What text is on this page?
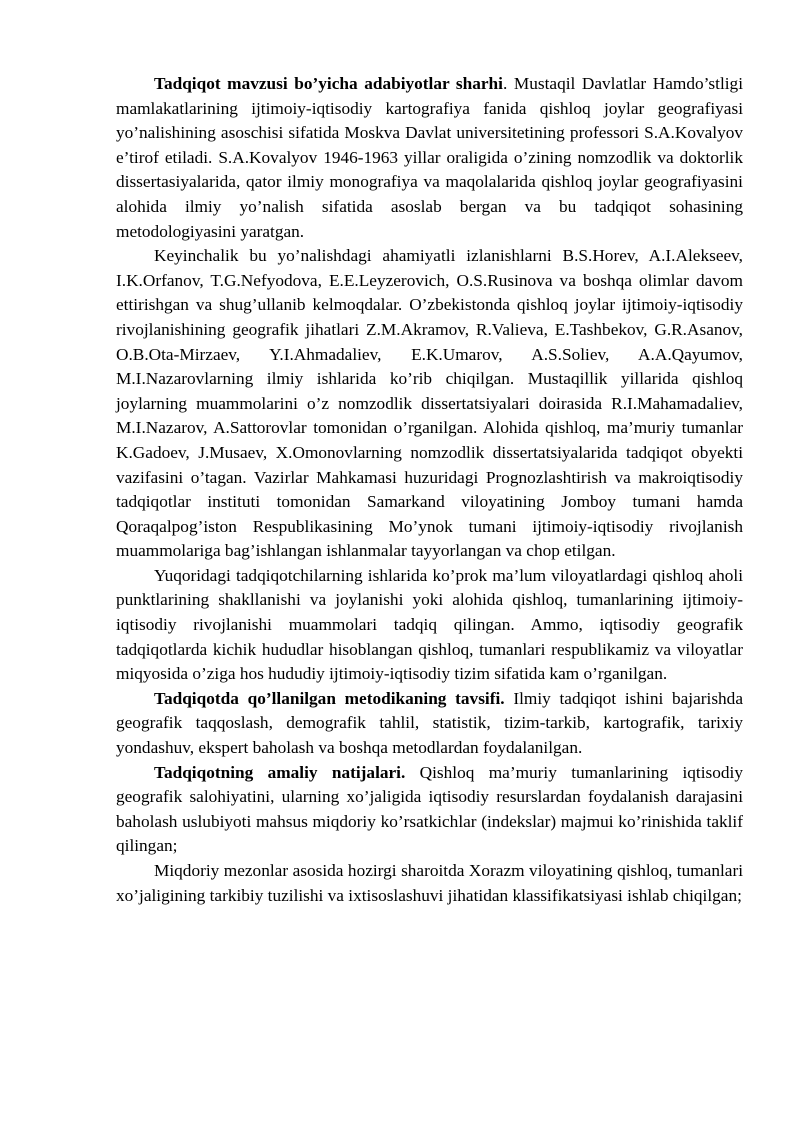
Tadqiqot mavzusi bo’yicha adabiyotlar sharhi. Mustaqil Davlatlar Hamdo’stligi mamlakatlarining ijtimoiy-iqtisodiy kartografiya fanida qishloq joylar geografiyasi yo’nalishining asoschisi sifatida Moskva Davlat universitetining professori S.A.Kovalyov e’tirof etiladi. S.A.Kovalyov 1946-1963 yillar oraligida o’zining nomzodlik va doktorlik dissertasiyalarida, qator ilmiy monografiya va maqolalarida qishloq joylar geografiyasini alohida ilmiy yo’nalish sifatida asoslab bergan va bu tadqiqot sohasining metodologiyasini yaratgan.

Keyinchalik bu yo’nalishdagi ahamiyatli izlanishlarni B.S.Horev, A.I.Alekseev, I.K.Orfanov, T.G.Nefyodova, E.E.Leyzerovich, O.S.Rusinova va boshqa olimlar davom ettirishgan va shug’ullanib kelmoqdalar. O’zbekistonda qishloq joylar ijtimoiy-iqtisodiy rivojlanishining geografik jihatlari Z.M.Akramov, R.Valieva, E.Tashbekov, G.R.Asanov, O.B.Ota-Mirzaev, Y.I.Ahmadaliev, E.K.Umarov, A.S.Soliev, A.A.Qayumov, M.I.Nazarovlarning ilmiy ishlarida ko’rib chiqilgan. Mustaqillik yillarida qishloq joylarning muammolarini o’z nomzodlik dissertatsiyalari doirasida R.I.Mahamadaliev, M.I.Nazarov, A.Sattorovlar tomonidan o’rganilgan. Alohida qishloq, ma’muriy tumanlar K.Gadoev, J.Musaev, X.Omonovlarning nomzodlik dissertatsiyalarida tadqiqot obyekti vazifasini o’tagan. Vazirlar Mahkamasi huzuridagi Prognozlashtirish va makroiqtisodiy tadqiqotlar instituti tomonidan Samarkand viloyatining Jomboy tumani hamda Qoraqalpog’iston Respublikasining Mo’ynok tumani ijtimoiy-iqtisodiy rivojlanish muammolariga bag’ishlangan ishlanmalar tayyorlangan va chop etilgan.

Yuqoridagi tadqiqotchilarning ishlarida ko’prok ma’lum viloyatlardagi qishloq aholi punktlarining shakllanishi va joylanishi yoki alohida qishloq, tumanlarining ijtimoiy-iqtisodiy rivojlanishi muammolari tadqiq qilingan. Ammo, iqtisodiy geografik tadqiqotlarda kichik hududlar hisoblangan qishloq, tumanlari respublikamiz va viloyatlar miqyosida o’ziga hos hududiy ijtimoiy-iqtisodiy tizim sifatida kam o’rganilgan.

Tadqiqotda qo’llanilgan metodikaning tavsifi. Ilmiy tadqiqot ishini bajarishda geografik taqqoslash, demografik tahlil, statistik, tizim-tarkib, kartografik, tarixiy yondashuv, ekspert baholash va boshqa metodlardan foydalanilgan.

Tadqiqotning amaliy natijalari. Qishloq ma’muriy tumanlarining iqtisodiy geografik salohiyatini, ularning xo’jaligida iqtisodiy resurslardan foydalanish darajasini baholash uslubiyoti mahsus miqdoriy ko’rsatkichlar (indekslar) majmui ko’rinishida taklif qilingan;

Miqdoriy mezonlar asosida hozirgi sharoitda Xorazm viloyatining qishloq, tumanlari xo’jaligining tarkibiy tuzilishi va ixtisoslashuvi jihatidan klassifikatsiyasi ishlab chiqilgan;
